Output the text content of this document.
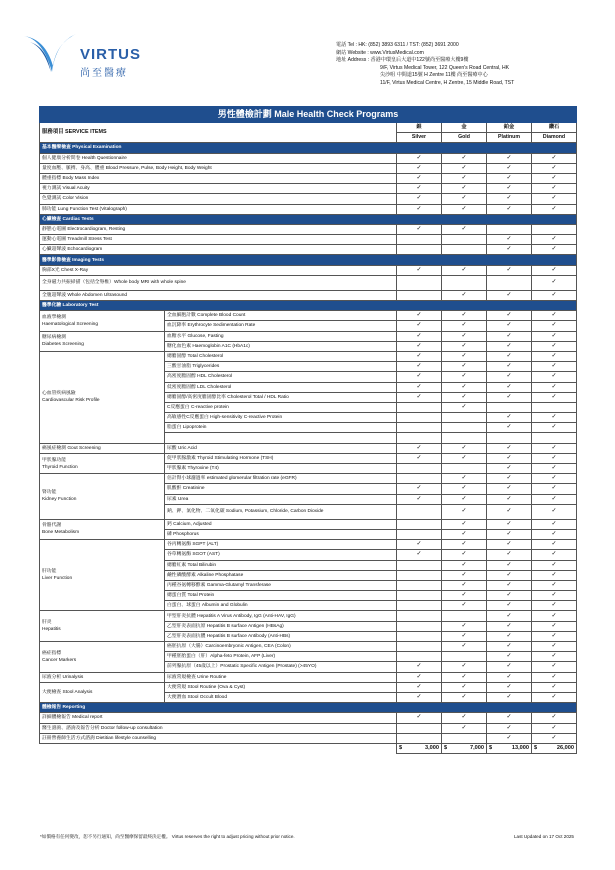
VIRTUS
尚至醫療
電話 Tel : HK: (852) 3893 6311 / TST: (852) 3691 2000
網站 Website : www.VirtusMedical.com
地址 Address : 香港中環皇后大道中122號尚至醫療大樓9樓
9/F, Virtus Medical Tower, 122 Queen's Road Central, HK
尖沙咀 中間道15號 H Zentre 11樓 尚至醫療中心
11/F, Virtus Medical Centre, H Zentre, 15 Middle Road, TST
男性體檢計劃 Male Health Check Programs					
服務項目 SERVICE ITEMS		銀	金	鉑金	鑽石
		Silver	Gold	Platinum	Diamond
基本醫療檢查 Physical Examination					
個人健康分析問卷 Health Questionnaire		✓	✓	✓	✓
量度血壓、脈搏、身高、體重 Blood Pressure, Pulse, Body Height, Body Weight		✓	✓	✓	✓
體重指標 Body Mass Index		✓	✓	✓	✓
視力測試 Visual Acuity		✓	✓	✓	✓
色覺測試 Color Vision		✓	✓	✓	✓
肺功能 Lung Function Test (Vitalograph)		✓	✓	✓	✓
心臟檢查 Cardiac Tests					
靜態心電圖 Electrocardiogram, Resting		✓	✓		
運動心電圖 Treadmill Stress Test				✓	✓
心臟超聲波 Echocardiogram				✓	✓
醫學影像檢查 Imaging Tests					
胸部X光 Chest X-Ray		✓	✓	✓	✓
全身磁力共振掃描（包括全脊椎）Whole body MRI with whole spine					✓
全腹超聲波 Whole Abdomen Ultrasound			✓	✓	✓
醫學化驗 Laboratory Test					
血液學檢測
Haematological Screening	全血細胞計數 Complete Blood Count	✓	✓	✓	✓
	血沉降率 Erythrocyte Sedimentation Rate	✓	✓	✓	✓
糖尿病檢測
Diabetes Screening	血糖水平 Glucose, Fasting	✓	✓	✓	✓
	糖化血色素 Haemoglobin A1C (HbA1c)	✓	✓	✓	✓
心血管疾病風險
Cardiovascular Risk Profile	總膽固醇 Total Cholesterol	✓	✓	✓	✓
	三酸甘油脂 Triglycerides	✓	✓	✓	✓
	高密度膽固醇 HDL Cholesterol	✓	✓	✓	✓
	低密度膽固醇 LDL Cholesterol	✓	✓	✓	✓
	總膽固醇/高密度膽固醇比率 Cholesterol Total / HDL Ratio	✓	✓	✓	✓
	C反應蛋白 C-reactive protein		✓		
	高敏感性C反應蛋白 High-sensitivity C-reactive Protein			✓	✓
	脂蛋白 Lipoprotein			✓	✓

痛風症檢測 Gout Screening	尿酸 Uric Acid	✓	✓	✓	✓
甲狀腺功能
Thyroid Function	促甲狀腺激素 Thyroid Stimulating Hormone (TSH)	✓	✓	✓	✓
	甲狀腺素 Thyroxine (T4)			✓	✓
腎功能
Kidney Function	估計腎小球濾過率 estimated glomerular filtration rate (eGFR)		✓	✓	✓
	肌酸酐 Creatinine	✓	✓	✓	✓
	尿素 Urea	✓	✓	✓	✓
	鈉、鉀、氯化物、二氧化碳 Sodium, Potassium, Chloride, Carbon Dioxide		✓	✓	✓
骨骼代謝
Bone Metabolism	鈣 Calcium, Adjusted		✓	✓	✓
	磷 Phosphorus		✓	✓	✓
肝功能
Liver Function	谷丙轉氨酶 SGPT (ALT)	✓	✓	✓	✓
	谷草轉氨酶 SGOT (AST)	✓	✓	✓	✓
	總膽紅素 Total Bilirubin		✓	✓	✓
	鹼性磷酸酵素 Alkaline Phosphatase		✓	✓	✓
	丙種谷氨轉移酵素 Gamma-Glutamyl Transferase		✓	✓	✓
	總蛋白質 Total Protein		✓	✓	✓
	白蛋白、球蛋白 Albumin and Globulin		✓	✓	✓
肝炎
Hepatitis	甲型肝炎抗體 Hepatitis A Virus Antibody, IgG (Anti-HAV, IgG)			✓	✓
	乙型肝炎表面抗原 Hepatitis B surface Antigen (HBsAg)		✓	✓	✓
	乙型肝炎表面抗體 Hepatitis B surface Antibody (Anti-HBs)		✓	✓	✓
癌症指標
Cancer Markers	癌胚抗原（大腸）Carcinoembryonic Antigen, CEA (Colon)		✓	✓	✓
	甲種胚胎蛋白（肝）Alpha-feto Protein, AFP (Liver)			✓	✓
	前列腺抗原（45歲以上）Prostatic Specific Antigen (Prostate) (>45YO)	✓	✓	✓	✓
尿液分析 Urinalysis	尿液常規檢查 Urine Routine	✓	✓	✓	✓
大便檢查 Stool Analysis	大便常規 Stool Routine (Ova & Cyst)	✓	✓	✓	✓
	大便潛血 Stool Occult Blood	✓	✓	✓	✓
體檢報告 Reporting					
詳細體檢報告 Medical report		✓	✓	✓	✓
醫生諮詢、諮詢及報告分析 Doctor follow-up consultation			✓	✓	✓
註冊營養師生活方式諮詢 Dietitian lifestyle counselling				✓	✓

		$ 3,000	$ 7,000	$ 13,000	$ 26,000
*如價格有任何變改，恕不另行通知，尚至醫療保留最終決定權。 Virtus reserves the right to adjust pricing without prior notice.	Last Updated on 17 Oct 2025
